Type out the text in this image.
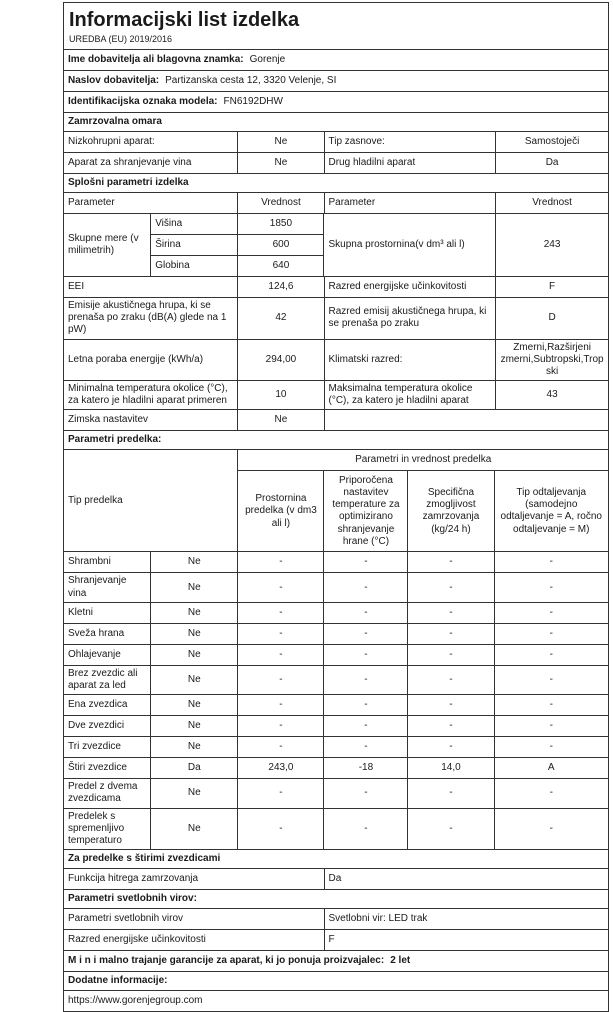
Informacijski list izdelka
UREDBA (EU) 2019/2016
Ime dobavitelja ali blagovna znamka: Gorenje
Naslov dobavitelja: Partizanska cesta 12, 3320 Velenje, SI
Identifikacijska oznaka modela: FN6192DHW
Zamrzovalna omara
Nizkohrupni aparat:	Ne	Tip zasnove:	Samostoječi
Aparat za shranjevanje vina	Ne	Drug hladilni aparat	Da
Splošni parametri izdelka
Parameter	Vrednost	Parameter	Vrednost
Skupne mere (v milimetrih)	Višina	1850	Skupna prostornina(v dm³ ali l)	243
	Širina	600		
	Globina	640		
EEI	124,6	Razred energijske učinkovitosti	F
Emisije akustičnega hrupa, ki se prenaša po zraku (dB(A) glede na 1 pW)	42	Razred emisij akustičnega hrupa, ki se prenaša po zraku	D
Letna poraba energije (kWh/a)	294,00	Klimatski razred:	Zmerni,Razširjeni zmerni,Subtropski,Tropski
Minimalna temperatura okolice (°C), za katero je hladilni aparat primeren	10	Maksimalna temperatura okolice (°C), za katero je hladilni aparat	43
Zimska nastavitev	Ne		
Parametri predelka:
Tip predelka		Parametri in vrednost predelka			
		Prostornina predelka (v dm3 ali l)	Priporočena nastavitev temperature za optimizirano shranjevanje hrane (°C)	Specifična zmogljivost zamrzovanja (kg/24 h)	Tip odtaljevanja (samodejno odtaljevanje = A, ročno odtaljevanje = M)
Shrambni	Ne	-	-	-	-
Shranjevanje vina	Ne	-	-	-	-
Kletni	Ne	-	-	-	-
Sveža hrana	Ne	-	-	-	-
Ohlajevanje	Ne	-	-	-	-
Brez zvezdic ali aparat za led	Ne	-	-	-	-
Ena zvezdica	Ne	-	-	-	-
Dve zvezdici	Ne	-	-	-	-
Tri zvezdice	Ne	-	-	-	-
Štiri zvezdice	Da	243,0	-18	14,0	A
Predel z dvema zvezdicama	Ne	-	-	-	-
Predelek s spremenljivo temperaturo	Ne	-	-	-	-
Za predelke s štirimi zvezdicami
Funkcija hitrega zamrzovanja	Da
Parametri svetlobnih virov:
Parametri svetlobnih virov	Svetlobni vir: LED trak
Razred energijske učinkovitosti	F
M i n i malno trajanje garancije za aparat, ki jo ponuja proizvajalec: 2 let
Dodatne informacije:
https://www.gorenjegroup.com
